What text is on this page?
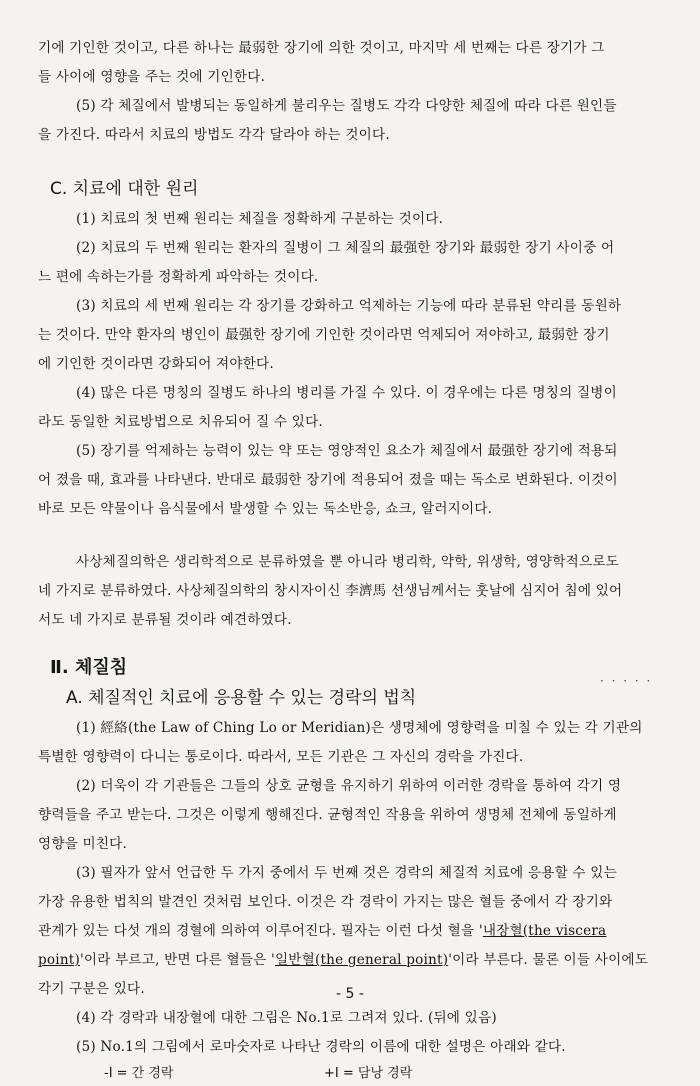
기에 기인한 것이고, 다른 하나는 最弱한 장기에 의한 것이고, 마지막 세 번째는 다른 장기가 그

들 사이에 영향을 주는 것에 기인한다.

(5) 각 체질에서 발병되는 동일하게 불리우는 질병도 각각 다양한 체질에 따라 다른 원인들

을 가진다. 따라서 치료의 방법도 각각 달라야 하는 것이다.

C. 치료에 대한 원리

(1) 치료의 첫 번째 원리는 체질을 정확하게 구분하는 것이다.

(2) 치료의 두 번째 원리는 환자의 질병이 그 체질의 最强한 장기와 最弱한 장기 사이중 어

느 편에 속하는가를 정확하게 파악하는 것이다.

(3) 치료의 세 번째 원리는 각 장기를 강화하고 억제하는 기능에 따라 분류된 약리를 동원하

는 것이다. 만약 환자의 병인이 最强한 장기에 기인한 것이라면 억제되어 져야하고, 最弱한 장기

에 기인한 것이라면 강화되어 져야한다.

(4) 많은 다른 명칭의 질병도 하나의 병리를 가질 수 있다. 이 경우에는 다른 명칭의 질병이

라도 동일한 치료방법으로 치유되어 질 수 있다.

(5) 장기를 억제하는 능력이 있는 약 또는 영양적인 요소가 체질에서 最强한 장기에 적용되

어 졌을 때, 효과를 나타낸다. 반대로 最弱한 장기에 적용되어 졌을 때는 독소로 변화된다. 이것이

바로 모든 약물이나 음식물에서 발생할 수 있는 독소반응, 쇼크, 알러지이다.

사상체질의학은 생리학적으로 분류하였을 뿐 아니라 병리학, 약학, 위생학, 영양학적으로도

네 가지로 분류하였다. 사상체질의학의 창시자이신 李濟馬 선생님께서는 훗날에 심지어 침에 있어

서도 네 가지로 분류될 것이라 예견하였다.

Ⅱ. 체질침
A. 체질적인 치료에 응용할 수 있는 경락의 법칙

(1) 經絡(the Law of Ching Lo or Meridian)은 생명체에 영향력을 미칠 수 있는 각 기관의

특별한 영향력이 다니는 통로이다. 따라서, 모든 기관은 그 자신의 경락을 가진다.

(2) 더욱이 각 기관들은 그들의 상호 균형을 유지하기 위하여 이러한 경락을 통하여 각기 영

향력들을 주고 받는다. 그것은 이렇게 행해진다. 균형적인 작용을 위하여 생명체 전체에 동일하게

영향을 미친다.

(3) 필자가 앞서 언급한 두 가지 중에서 두 번째 것은 경락의 체질적 치료에 응용할 수 있는

가장 유용한 법칙의 발견인 것처럼 보인다. 이것은 각 경락이 가지는 많은 혈들 중에서 각 장기와

관계가 있는 다섯 개의 경혈에 의하여 이루어진다. 필자는 이런 다섯 혈을 '내장혈(the viscera

point)'이라 부르고, 반면 다른 혈들은 '일반혈(the general point)'이라 부른다. 물론 이들 사이에도

각기 구분은 있다.

(4) 각 경락과 내장혈에 대한 그림은 No.1로 그려져 있다. (뒤에 있음)

(5) No.1의 그림에서 로마숫자로 나타난 경락의 이름에 대한 설명은 아래와 같다.

-Ⅰ = 간 경락	+Ⅰ = 담낭 경락
· · · · ·
- 5 -
